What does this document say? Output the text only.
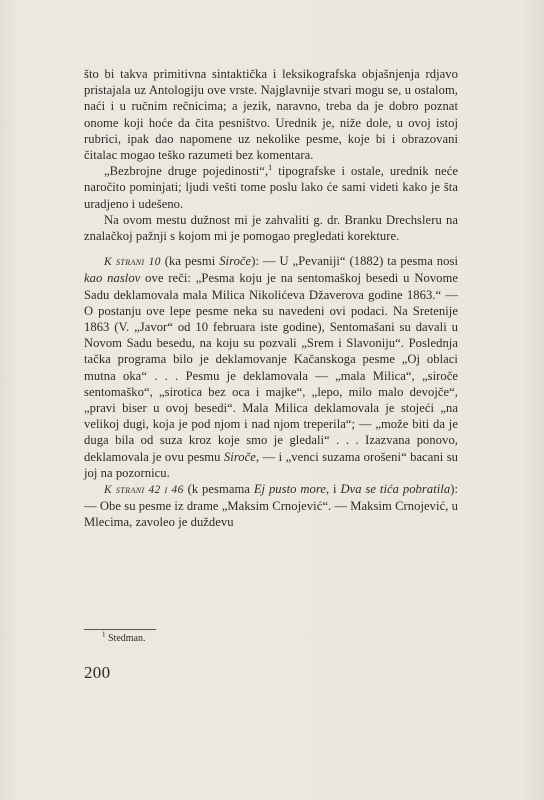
što bi takva primitivna sintaktička i leksikografska objašnjenja rdjavo pristajala uz Antologiju ove vrste. Najglavnije stvari mogu se, u ostalom, naći i u ručnim rečnicima; a jezik, naravno, treba da je dobro poznat onome koji hoće da čita pesništvo. Urednik je, niže dole, u ovoj istoj rubrici, ipak dao napomene uz nekolike pesme, koje bi i obrazovani čitalac mogao teško razumeti bez komentara.

„Bezbrojne druge pojedinosti“,$^1$ tipografske i ostale, urednik neće naročito pominjati; ljudi vešti tome poslu lako će sami videti kako je šta uradjeno i udešeno.

Na ovom mestu dužnost mi je zahvaliti g. dr. Branku Drechsleru na znalačkoj pažnji s kojom mi je pomogao pregledati korekture.

K strani 10 (ka pesmi Siroče): — U „Pevaniji“ (1882) ta pesma nosi kao naslov ove reči: „Pesma koju je na sentomaškoj besedi u Novome Sadu deklamovala mala Milica Nikolićeva Džaverova godine 1863.“ — O postanju ove lepe pesme neka su navedeni ovi podaci. Na Sretenije 1863 (V. „Javor“ od 10 februara iste godine), Sentomašani su davali u Novom Sadu besedu, na koju su pozvali „Srem i Slavoniju“. Poslednja tačka programa bilo je deklamovanje Kačanskoga pesme „Oj oblaci mutna oka“ . . . Pesmu je deklamovala — „mala Milica“, „siroče sentomaško“, „sirotica bez oca i majke“, „lepo, milo malo devojče“, „pravi biser u ovoj besedi“. Mala Milica deklamovala je stojeći „na velikoj dugi, koja je pod njom i nad njom treperila“; — „može biti da je duga bila od suza kroz koje smo je gledali“ . . . Izazvana ponovo, deklamovala je ovu pesmu Siroče, — i „venci suzama orošeni“ bacani su joj na pozornicu.

K strani 42 i 46 (k pesmama Ej pusto more, i Dva se tića pobratila): — Obe su pesme iz drame „Maksim Crnojević“. — Maksim Crnojević, u Mlecima, zavoleo je duždevu

$^1$ Stedman.
200
